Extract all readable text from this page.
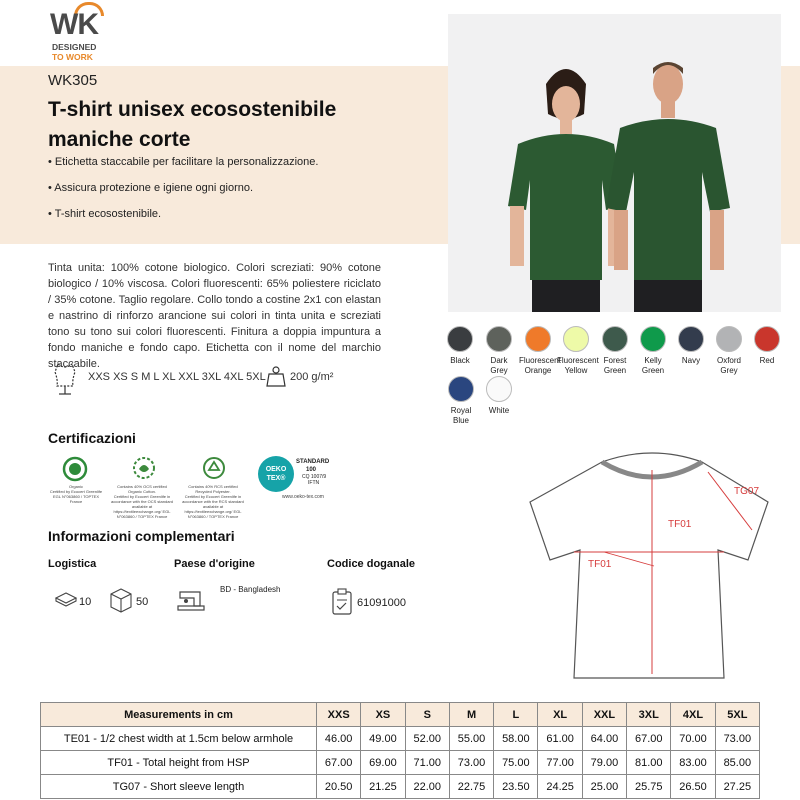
WK
DESIGNED
TO WORK
WK305
T-shirt unisex ecosostenibile maniche corte
• Etichetta staccabile per facilitare la personalizzazione.
• Assicura protezione e igiene ogni giorno.
• T-shirt ecosostenibile.
Tinta unita: 100% cotone biologico. Colori screziati: 90% cotone biologico / 10% viscosa. Colori fluorescenti: 65% poliestere riciclato / 35% cotone. Taglio regolare. Collo tondo a costine 2x1 con elastan e nastrino di rinforzo arancione sui colori in tinta unita e screziati tono su tono sui colori fluorescenti. Finitura a doppia impuntura a fondo maniche e fondo capo. Etichetta con il nome del marchio staccabile.
XXS XS S M L XL XXL 3XL 4XL 5XL 200 g/m²
Certificazioni
Organic
Certified by Ecocert Greenlife
EGL N°063860 / TOPTEX France
Contains 40% OCS certified Organic Cotton.
Certified by Ecocert Greenlife in accordance with the OCS standard available at
https://textileexchange.org/ EGL N°063860 / TOPTEX France
Contains 40% RCS certified Recycled Polyester.
Certified by Ecocert Greenlife in accordance with the RCS standard available at
https://textileexchange.org/ EGL N°063860 / TOPTEX France
OEKO
TEX®
STANDARD
100
CQ 1007/9
IFTN
www.oeko-tex.com
Informazioni complementari
Logistica	Paese d'origine	Codice doganale
10	50
BD - Bangladesh
61091000
Black	Dark
Grey
Fluorescent
Orange
Fluorescent
Yellow
Forest
Green
Kelly
Green
Navy	Oxford
Grey
Red
Royal
Blue
White
TF01
TF01
TG07
Measurements in cm	XXS	XS	S	M	L	XL	XXL	3XL	4XL	5XL
TE01 - 1/2 chest width at 1.5cm below armhole	46.00	49.00	52.00	55.00	58.00	61.00	64.00	67.00	70.00	73.00
TF01 - Total height from HSP	67.00	69.00	71.00	73.00	75.00	77.00	79.00	81.00	83.00	85.00
TG07 - Short sleeve length	20.50	21.25	22.00	22.75	23.50	24.25	25.00	25.75	26.50	27.25
